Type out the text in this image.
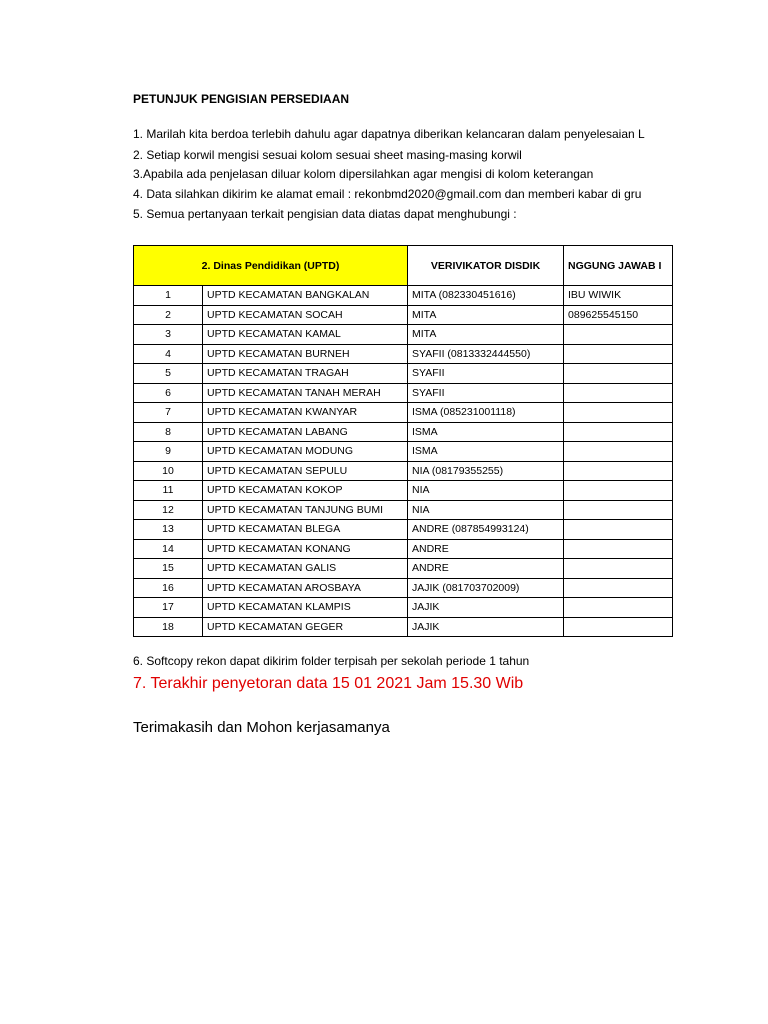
PETUNJUK PENGISIAN PERSEDIAAN
1. Marilah kita berdoa terlebih dahulu agar dapatnya diberikan kelancaran dalam penyelesaian L
2. Setiap korwil mengisi sesuai kolom sesuai sheet masing-masing korwil
3.Apabila ada penjelasan diluar kolom dipersilahkan agar mengisi di kolom keterangan
4. Data silahkan dikirim ke alamat email : rekonbmd2020@gmail.com dan memberi kabar di gru
5. Semua pertanyaan terkait pengisian data diatas dapat menghubungi :
2. Dinas Pendidikan (UPTD)		VERIVIKATOR DISDIK	NGGUNG JAWAB I
1	UPTD KECAMATAN BANGKALAN	MITA (082330451616)	IBU WIWIK
2	UPTD KECAMATAN SOCAH	MITA	089625545150
3	UPTD KECAMATAN KAMAL	MITA	
4	UPTD KECAMATAN BURNEH	SYAFII (0813332444550)	
5	UPTD KECAMATAN TRAGAH	SYAFII	
6	UPTD KECAMATAN TANAH MERAH	SYAFII	
7	UPTD KECAMATAN KWANYAR	ISMA (085231001118)	
8	UPTD KECAMATAN LABANG	ISMA	
9	UPTD KECAMATAN MODUNG	ISMA	
10	UPTD KECAMATAN SEPULU	NIA (08179355255)	
11	UPTD KECAMATAN KOKOP	NIA	
12	UPTD KECAMATAN TANJUNG BUMI	NIA	
13	UPTD KECAMATAN BLEGA	ANDRE (087854993124)	
14	UPTD KECAMATAN KONANG	ANDRE	
15	UPTD KECAMATAN GALIS	ANDRE	
16	UPTD KECAMATAN AROSBAYA	JAJIK (081703702009)	
17	UPTD KECAMATAN KLAMPIS	JAJIK	
18	UPTD KECAMATAN GEGER	JAJIK	
6. Softcopy rekon dapat dikirim folder terpisah per sekolah periode 1 tahun
7. Terakhir penyetoran data 15 01 2021 Jam 15.30 Wib
Terimakasih dan Mohon kerjasamanya
